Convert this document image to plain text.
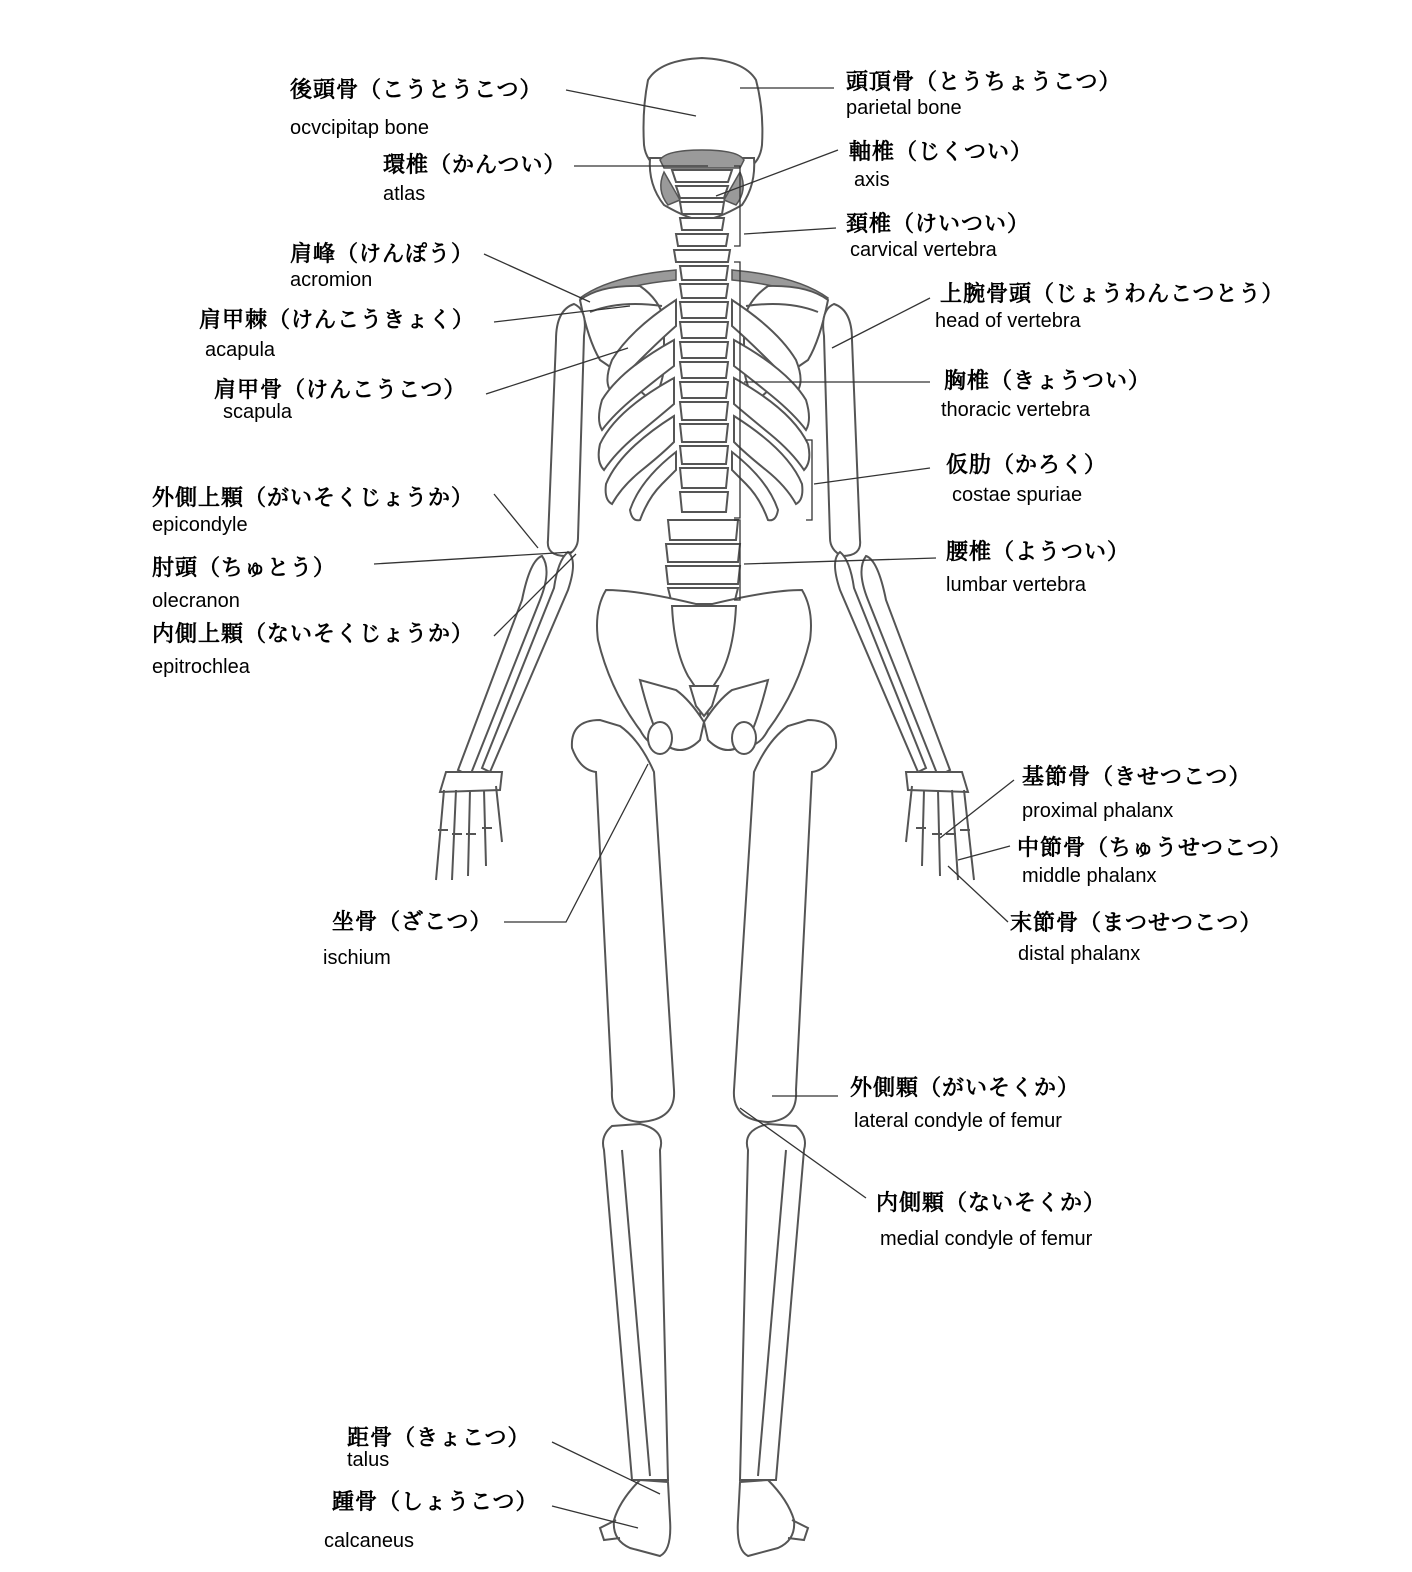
後頭骨（こうとうこつ）
ocvcipitap bone
頭頂骨（とうちょうこつ）
parietal bone
環椎（かんつい）
atlas
軸椎（じくつい）
axis
頚椎（けいつい）
carvical vertebra
肩峰（けんぽう）
acromion
上腕骨頭（じょうわんこつとう）
head of vertebra
肩甲棘（けんこうきょく）
acapula
肩甲骨（けんこうこつ）
scapula
胸椎（きょうつい）
thoracic vertebra
仮肋（かろく）
costae spuriae
外側上顆（がいそくじょうか）
epicondyle
肘頭（ちゅとう）
olecranon
腰椎（ようつい）
lumbar vertebra
内側上顆（ないそくじょうか）
epitrochlea
基節骨（きせつこつ）
proximal phalanx
中節骨（ちゅうせつこつ）
middle phalanx
坐骨（ざこつ）
ischium
末節骨（まつせつこつ）
distal phalanx
外側顆（がいそくか）
lateral condyle of femur
内側顆（ないそくか）
medial condyle of femur
距骨（きょこつ）
talus
踵骨（しょうこつ）
calcaneus
